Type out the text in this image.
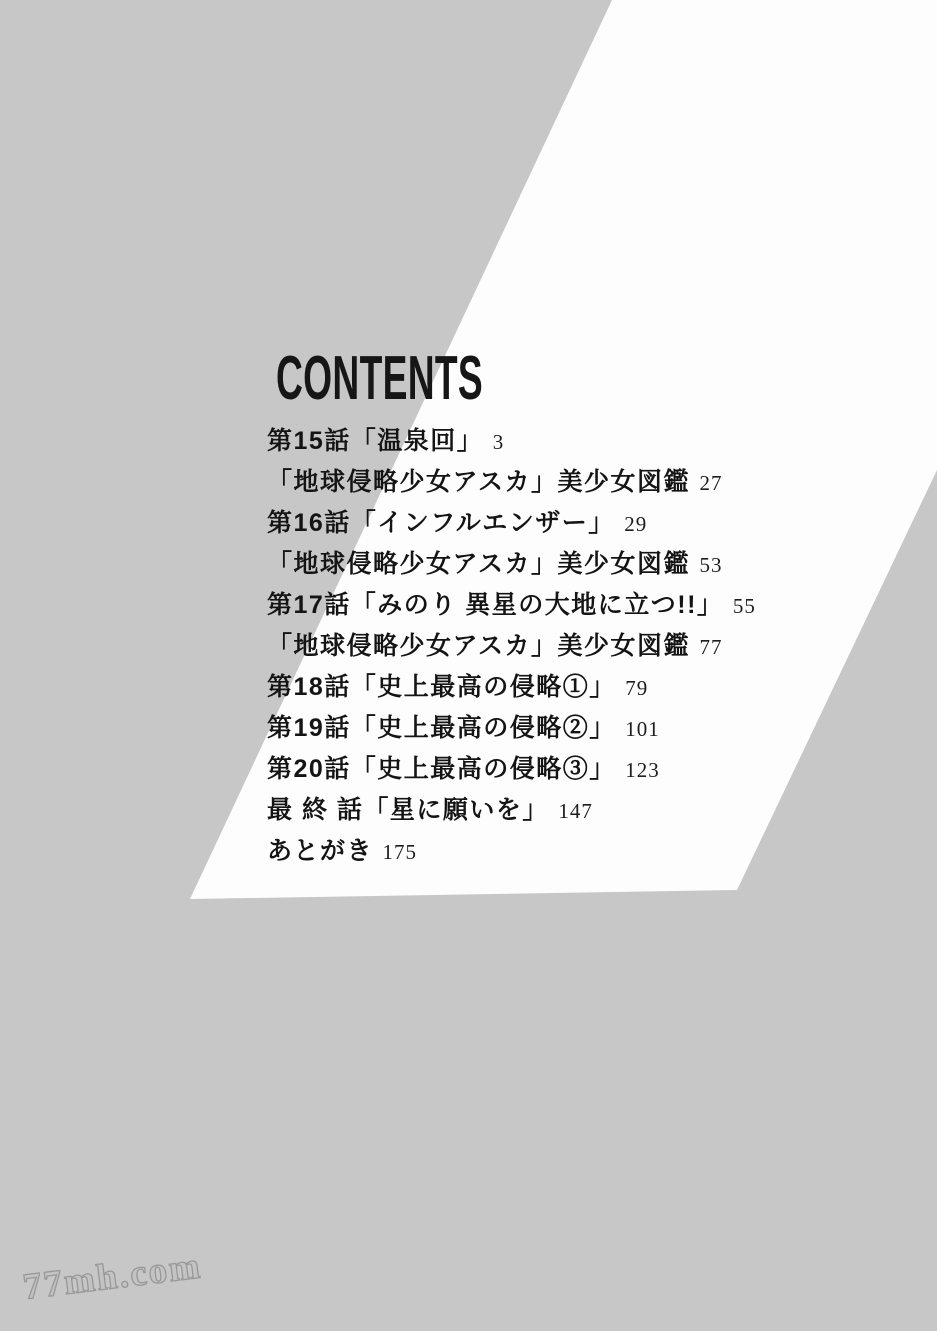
CONTENTS
第15話「温泉回」 3
「地球侵略少女アスカ」美少女図鑑 27
第16話「インフルエンザー」 29
「地球侵略少女アスカ」美少女図鑑 53
第17話「みのり 異星の大地に立つ!!」 55
「地球侵略少女アスカ」美少女図鑑 77
第18話「史上最高の侵略①」 79
第19話「史上最高の侵略②」 101
第20話「史上最高の侵略③」 123
最 終 話「星に願いを」 147
あとがき 175
77mh.com
